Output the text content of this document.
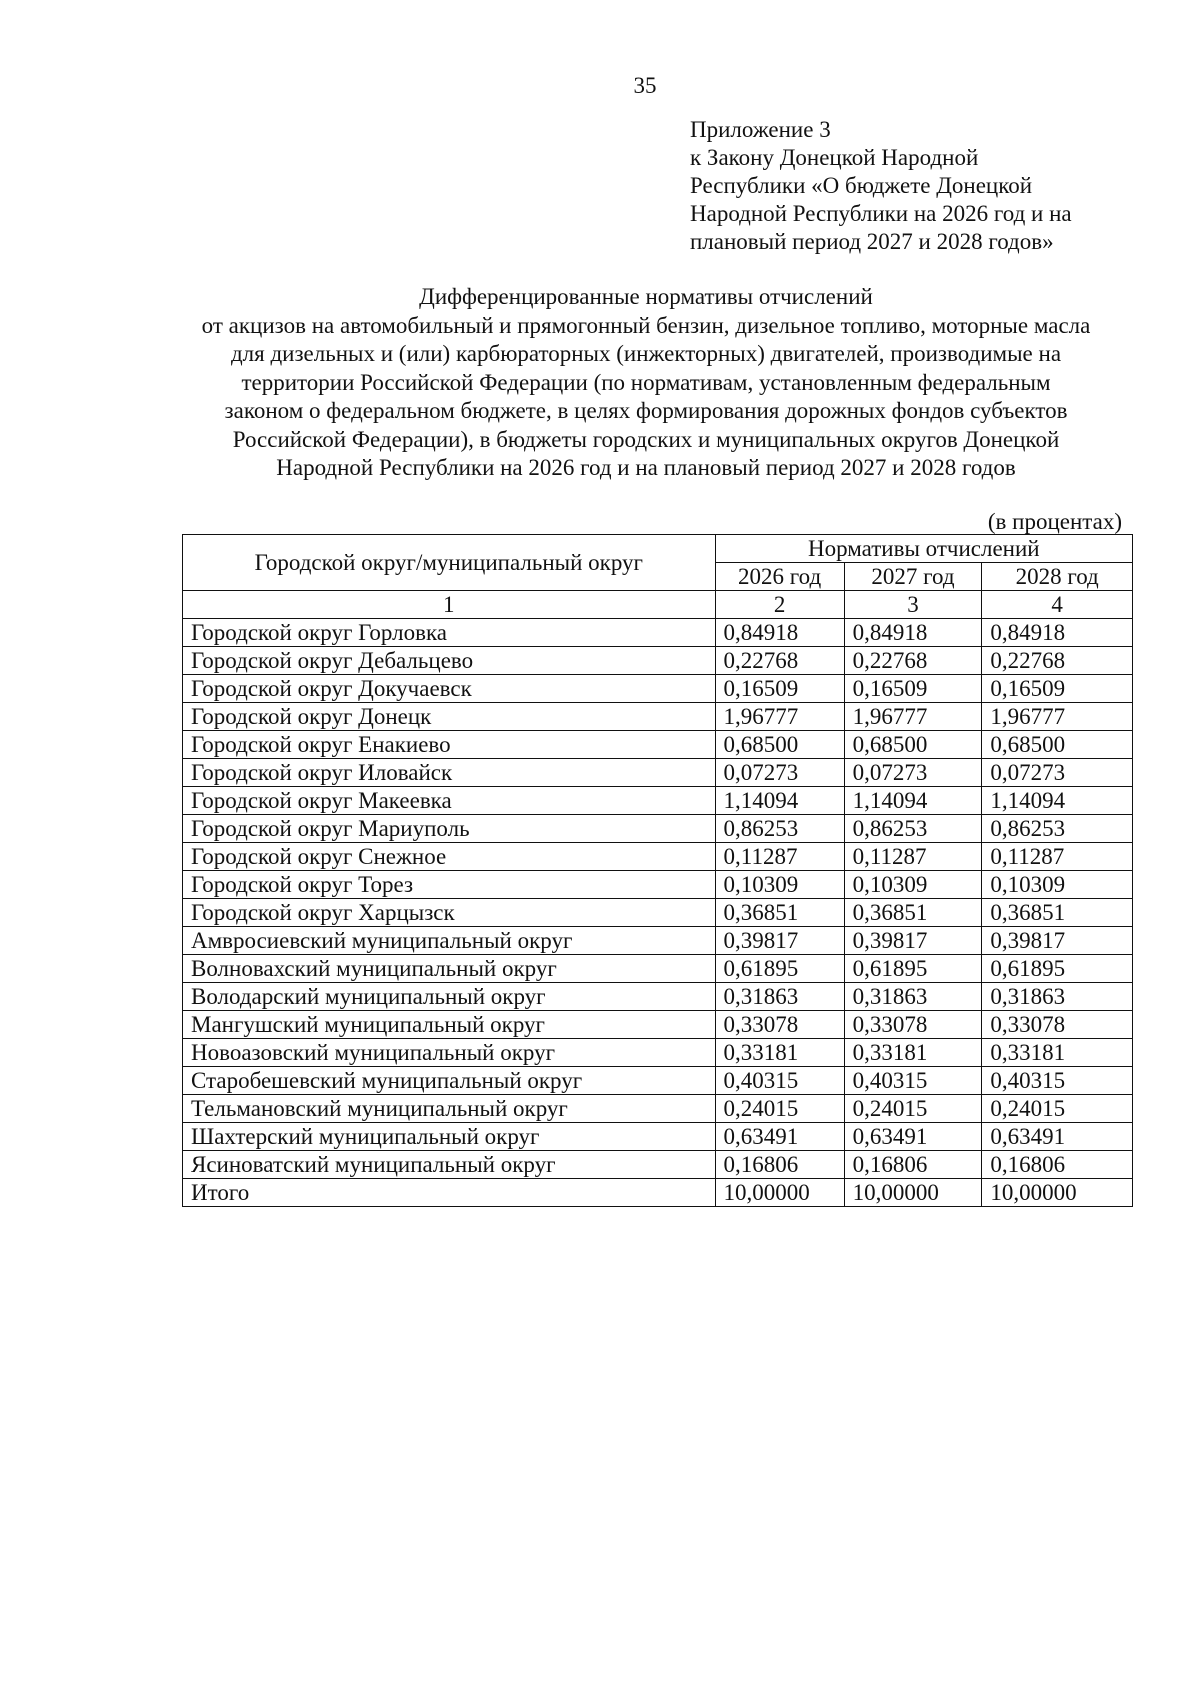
35
Приложение 3
к Закону Донецкой Народной
Республики «О бюджете Донецкой
Народной Республики на 2026 год и на
плановый период 2027 и 2028 годов»
Дифференцированные нормативы отчислений
от акцизов на автомобильный и прямогонный бензин, дизельное топливо, моторные масла
для дизельных и (или) карбюраторных (инжекторных) двигателей, производимые на
территории Российской Федерации (по нормативам, установленным федеральным
законом о федеральном бюджете, в целях формирования дорожных фондов субъектов
Российской Федерации), в бюджеты городских и муниципальных округов Донецкой
Народной Республики на 2026 год и на плановый период 2027 и 2028 годов
(в процентах)
Городской округ/муниципальный округ	Нормативы отчислений		
	2026 год	2027 год	2028 год
1	2	3	4
Городской округ Горловка	0,84918	0,84918	0,84918
Городской округ Дебальцево	0,22768	0,22768	0,22768
Городской округ Докучаевск	0,16509	0,16509	0,16509
Городской округ Донецк	1,96777	1,96777	1,96777
Городской округ Енакиево	0,68500	0,68500	0,68500
Городской округ Иловайск	0,07273	0,07273	0,07273
Городской округ Макеевка	1,14094	1,14094	1,14094
Городской округ Мариуполь	0,86253	0,86253	0,86253
Городской округ Снежное	0,11287	0,11287	0,11287
Городской округ Торез	0,10309	0,10309	0,10309
Городской округ Харцызск	0,36851	0,36851	0,36851
Амвросиевский муниципальный округ	0,39817	0,39817	0,39817
Волновахский муниципальный округ	0,61895	0,61895	0,61895
Володарский муниципальный округ	0,31863	0,31863	0,31863
Мангушский муниципальный округ	0,33078	0,33078	0,33078
Новоазовский муниципальный округ	0,33181	0,33181	0,33181
Старобешевский муниципальный округ	0,40315	0,40315	0,40315
Тельмановский муниципальный округ	0,24015	0,24015	0,24015
Шахтерский муниципальный округ	0,63491	0,63491	0,63491
Ясиноватский муниципальный округ	0,16806	0,16806	0,16806
Итого	10,00000	10,00000	10,00000
